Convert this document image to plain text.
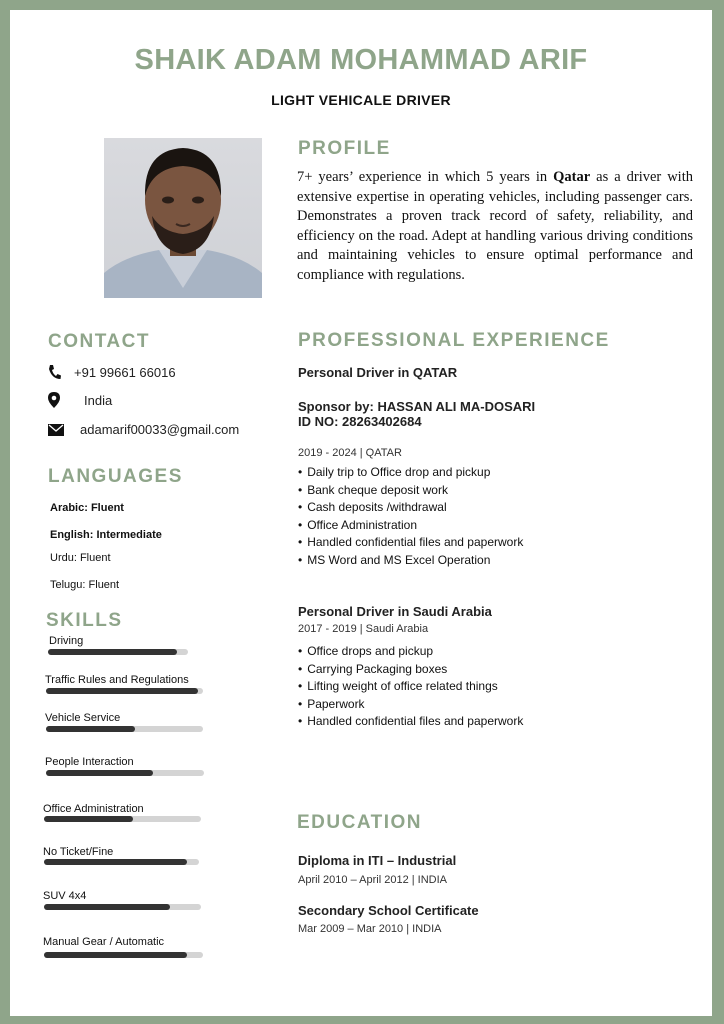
SHAIK ADAM MOHAMMAD ARIF
LIGHT VEHICALE DRIVER
PROFILE
7+ years’ experience in which 5 years in Qatar as a driver with extensive expertise in operating vehicles, including passenger cars. Demonstrates a proven track record of safety, reliability, and efficiency on the road. Adept at handling various driving conditions and maintaining vehicles to ensure optimal performance and compliance with regulations.
CONTACT
+91 99661 66016
India
adamarif00033@gmail.com
LANGUAGES
Arabic: Fluent
English: Intermediate
Urdu: Fluent
Telugu: Fluent
SKILLS
Driving
Traffic Rules and Regulations
Vehicle Service
People Interaction
Office Administration
No Ticket/Fine
SUV 4x4
Manual Gear / Automatic
PROFESSIONAL EXPERIENCE
Personal Driver in QATAR
Sponsor by: HASSAN ALI MA-DOSARI
ID NO: 28263402684
2019 - 2024 | QATAR
• Daily trip to Office drop and pickup
• Bank cheque deposit work
• Cash deposits /withdrawal
• Office Administration
• Handled confidential files and paperwork
• MS Word and MS Excel Operation
Personal Driver in Saudi Arabia
2017 - 2019 | Saudi Arabia
• Office drops and pickup
• Carrying Packaging boxes
• Lifting weight of office related things
• Paperwork
• Handled confidential files and paperwork
EDUCATION
Diploma in ITI – Industrial
April 2010 – April 2012 | INDIA
Secondary School Certificate
Mar 2009 – Mar 2010 | INDIA
